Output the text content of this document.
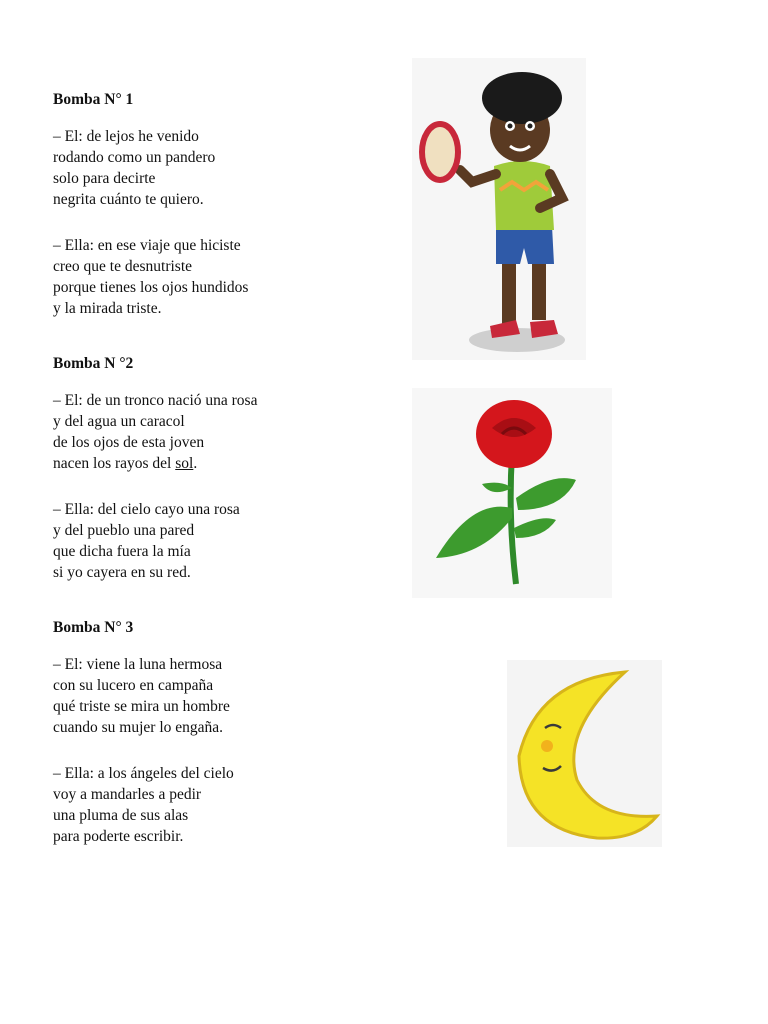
Bomba N° 1

– El: de lejos he venido

rodando como un pandero

solo para decirte

negrita cuánto te quiero.

– Ella: en ese viaje que hiciste

creo que te desnutriste

porque tienes los ojos hundidos

y la mirada triste.

Bomba N °2

– El: de un tronco nació una rosa

y del agua un caracol

de los ojos de esta joven

nacen los rayos del sol.

– Ella: del cielo cayo una rosa

y del pueblo una pared

que dicha fuera la mía

si yo cayera en su red.

Bomba N° 3

– El: viene la luna hermosa

con su lucero en campaña

qué triste se mira un hombre

cuando su mujer lo engaña.

– Ella: a los ángeles del cielo

voy a mandarles a pedir

una pluma de sus alas

para poderte escribir.
